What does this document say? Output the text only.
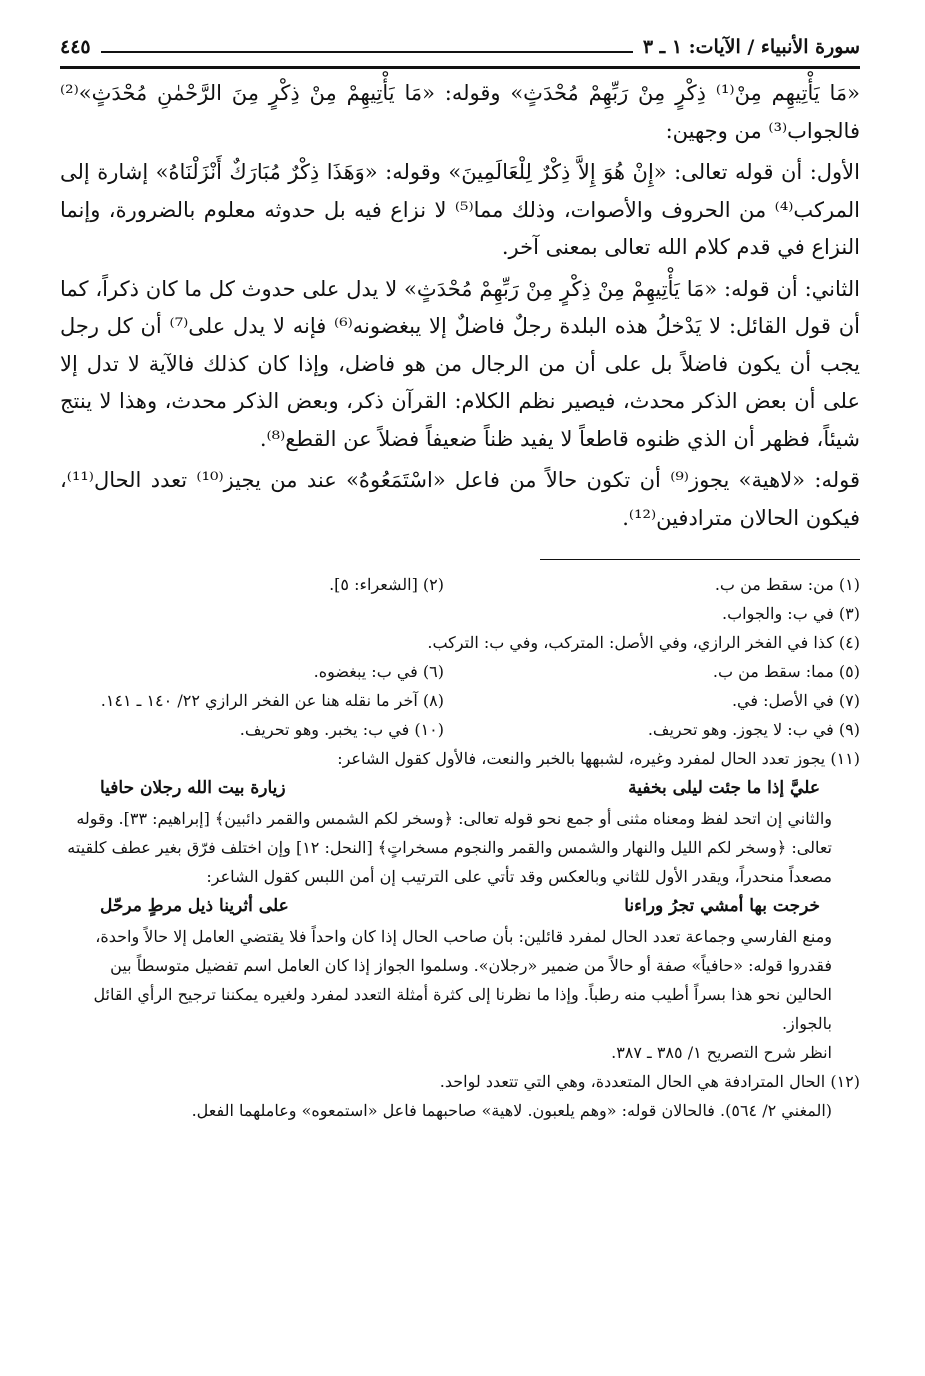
سورة الأنبياء / الآيات: ١ ـ ٣
٤٤٥

«مَا يَأْتِيهِم مِنْ⁽¹⁾ ذِكْرٍ مِنْ رَبِّهِمْ مُحْدَثٍ» وقوله: «مَا يَأْتِيهِمْ مِنْ ذِكْرٍ مِنَ الرَّحْمٰنِ مُحْدَثٍ»⁽²⁾ فالجواب⁽³⁾ من وجهين:

الأول: أن قوله تعالى: «إِنْ هُوَ إِلاَّ ذِكْرٌ لِلْعَالَمِينَ» وقوله: «وَهَذَا ذِكْرٌ مُبَارَكٌ أَنْزَلْنَاهُ» إشارة إلى المركب⁽⁴⁾ من الحروف والأصوات، وذلك مما⁽⁵⁾ لا نزاع فيه بل حدوثه معلوم بالضرورة، وإنما النزاع في قدم كلام الله تعالى بمعنى آخر.

الثاني: أن قوله: «مَا يَأْتِيهِمْ مِنْ ذِكْرٍ مِنْ رَبِّهِمْ مُحْدَثٍ» لا يدل على حدوث كل ما كان ذكراً، كما أن قول القائل: لا يَدْخلُ هذه البلدة رجلٌ فاضلٌ إلا يبغضونه⁽⁶⁾ فإنه لا يدل على⁽⁷⁾ أن كل رجل يجب أن يكون فاضلاً بل على أن من الرجال من هو فاضل، وإذا كان كذلك فالآية لا تدل إلا على أن بعض الذكر محدث، فيصير نظم الكلام: القرآن ذكر، وبعض الذكر محدث، وهذا لا ينتج شيئاً، فظهر أن الذي ظنوه قاطعاً لا يفيد ظناً ضعيفاً فضلاً عن القطع⁽⁸⁾.

قوله: «لاهية» يجوز⁽⁹⁾ أن تكون حالاً من فاعل «اسْتَمَعُوهُ» عند من يجيز⁽¹⁰⁾ تعدد الحال⁽¹¹⁾، فيكون الحالان مترادفين⁽¹²⁾.

(١) من: سقط من ب.
(٢) [الشعراء: ٥].
(٣) في ب: والجواب.
(٤) كذا في الفخر الرازي، وفي الأصل: المتركب، وفي ب: الترکب.
(٥) مما: سقط من ب.
(٦) في ب: يبغضوه.
(٧) في الأصل: في.
(٨) آخر ما نقله هنا عن الفخر الرازي ٢٢/ ١٤٠ ـ ١٤١.
(٩) في ب: لا يجوز. وهو تحريف.
(١٠) في ب: يخبر. وهو تحريف.
(١١) يجوز تعدد الحال لمفرد وغيره، لشبهها بالخبر والنعت، فالأول كقول الشاعر:
عليَّ إذا ما جئت ليلى بخفية
زيارة بيت الله رجلان حافيا
والثاني إن اتحد لفظ ومعناه مثنى أو جمع نحو قوله تعالى: ﴿وسخر لكم الشمس والقمر دائبين﴾ [إبراهيم: ٣٣]. وقوله تعالى: ﴿وسخر لكم الليل والنهار والشمس والقمر والنجوم مسخراتٍ﴾ [النحل: ١٢] وإن اختلف فرّق بغير عطف كلقيته مصعداً منحدراً، ويقدر الأول للثاني وبالعكس وقد تأتي على الترتيب إن أمن اللبس كقول الشاعر:
خرجت بها أمشي تجرُ وراءنا
على أثرينا ذيل مرطٍ مرحّل
ومنع الفارسي وجماعة تعدد الحال لمفرد قائلين: بأن صاحب الحال إذا كان واحداً فلا يقتضي العامل إلا حالاً واحدة، فقدروا قوله: «حافياً» صفة أو حالاً من ضمير «رجلان». وسلموا الجواز إذا كان العامل اسم تفضيل متوسطاً بين الحالين نحو هذا بسراً أطيب منه رطباً. وإذا ما نظرنا إلى كثرة أمثلة التعدد لمفرد ولغيره يمكننا ترجيح الرأي القائل بالجواز.
انظر شرح التصريح ١/ ٣٨٥ ـ ٣٨٧.
(١٢) الحال المترادفة هي الحال المتعددة، وهي التي تتعدد لواحد.
(المغني ٢/ ٥٦٤). فالحالان قوله: «وهم يلعبون. لاهية» صاحبهما فاعل «استمعوه» وعاملهما الفعل.
